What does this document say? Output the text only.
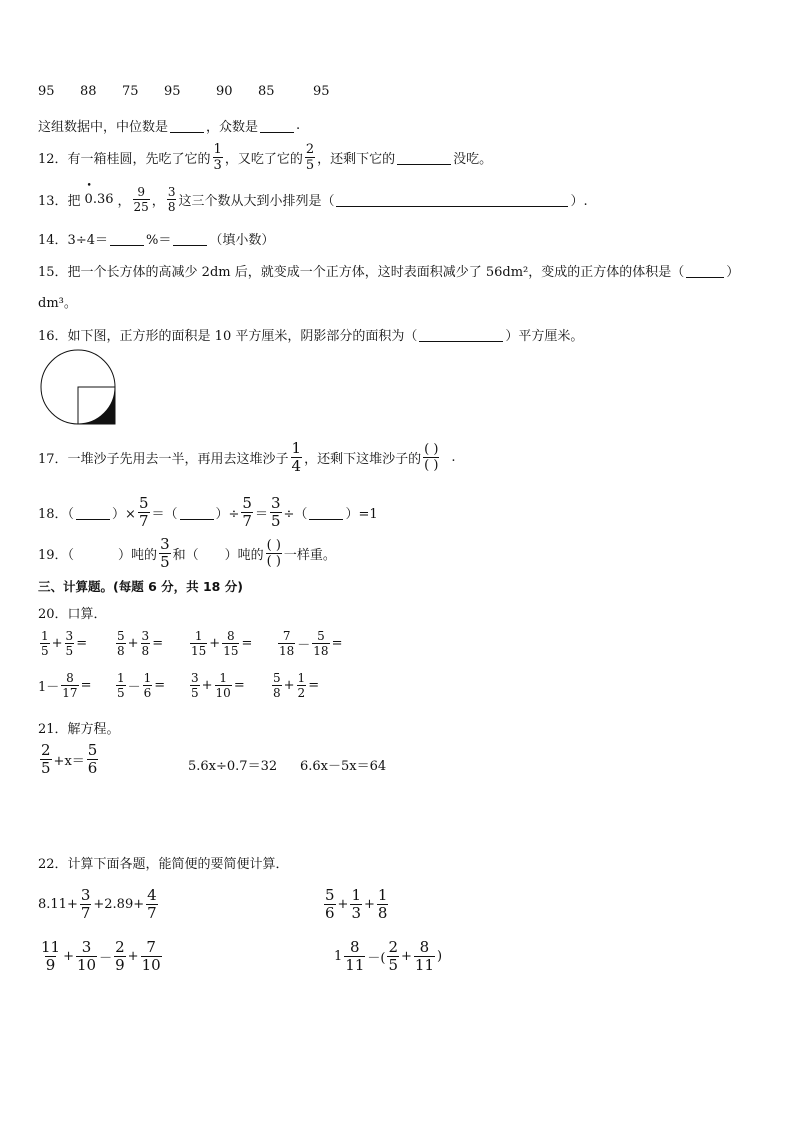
95	88	75	95	90	85	95
这组数据中，中位数是	，众数是	.
12．有一箱桂圆，先吃了它的 $\frac{1}{3}$ ，又吃了它的 $\frac{2}{5}$ ，还剩下它的	没吃。
13．把
• 0.36 ， $\frac{9}{25}$ ， $\frac{3}{8}$ 这三个数从大到小排列是（	）.
14．3÷4＝	%＝	（填小数）
15．把一个长方体的高减少 2dm 后，就变成一个正方体，这时表面积减少了 56dm²，变成的正方体的体积是（	）
dm³。
16．如下图，正方形的面积是 10 平方厘米，阴影部分的面积为（	）平方厘米。
17．一堆沙子先用去一半，再用去这堆沙子 $\frac{1}{4}$ ，还剩下这堆沙子的 $\frac{( )}{( )}$ .
18．（	）× $\frac{5}{7}$ ＝（	）÷ $\frac{5}{7} = \frac{3}{5}$ ÷（	）=1
19．（	）吨的 $\frac{3}{5}$ 和（ ）吨的 $\frac{( )}{( )}$ 一样重。
三、计算题。(每题 6 分，共 18 分)
20．口算．
$\frac{1}{5} + \frac{3}{5} = \frac{5}{8} + \frac{3}{8} = \frac{1}{15} + \frac{8}{15} = \frac{7}{18} - \frac{5}{18}$ =
$1- \frac{8}{17} = \frac{1}{5} - \frac{1}{6} = \frac{3}{5} + \frac{1}{10} = \frac{5}{8} + \frac{1}{2}$ =
21．解方程。
$\frac{2}{5} +x= \frac{5}{6}$	5.6x÷0.7＝32 6.6x－5x＝64
22．计算下面各题，能简便的要简便计算．
$8.11+ \frac{3}{7} +2.89+ \frac{4}{7}$	$\frac{5}{6} + \frac{1}{3} + \frac{1}{8}$
$\frac{11}{9} + \frac{3}{10} - \frac{2}{9} + \frac{7}{10}$	$1 \frac{8}{11}$ －( $\frac{2}{5} + \frac{8}{11}$ )
